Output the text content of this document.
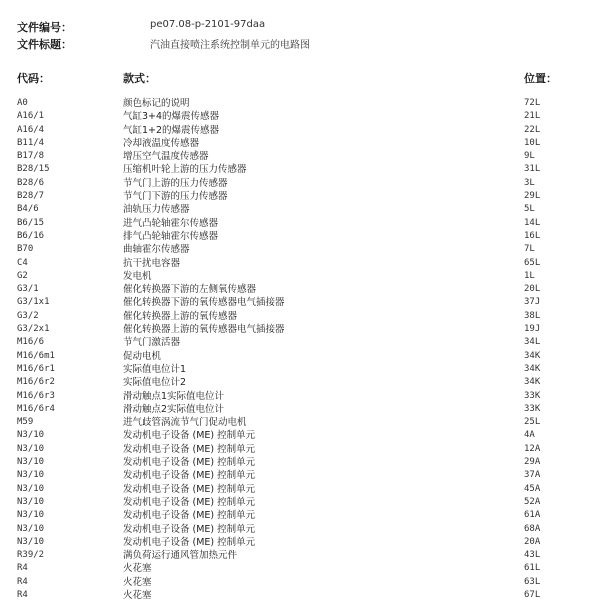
文件编号：	pe07.08-p-2101-97daa
文件标题：	汽油直接喷注系统控制单元的电路图
代码：	款式：	位置：
A0	颜色标记的说明	72L
A16/1	气缸3+4的爆震传感器	21L
A16/4	气缸1+2的爆震传感器	22L
B11/4	冷却液温度传感器	10L
B17/8	增压空气温度传感器	9L
B28/15	压缩机叶轮上游的压力传感器	31L
B28/6	节气门上游的压力传感器	3L
B28/7	节气门下游的压力传感器	29L
B4/6	油轨压力传感器	5L
B6/15	进气凸轮轴霍尔传感器	14L
B6/16	排气凸轮轴霍尔传感器	16L
B70	曲轴霍尔传感器	7L
C4	抗干扰电容器	65L
G2	发电机	1L
G3/1	催化转换器下游的左侧氧传感器	20L
G3/1x1	催化转换器下游的氧传感器电气插接器	37J
G3/2	催化转换器上游的氧传感器	38L
G3/2x1	催化转换器上游的氧传感器电气插接器	19J
M16/6	节气门激活器	34L
M16/6m1	促动电机	34K
M16/6r1	实际值电位计1	34K
M16/6r2	实际值电位计2	34K
M16/6r3	滑动触点1实际值电位计	33K
M16/6r4	滑动触点2实际值电位计	33K
M59	进气歧管涡流节气门促动电机	25L
N3/10	发动机电子设备 (ME) 控制单元	4A
N3/10	发动机电子设备 (ME) 控制单元	12A
N3/10	发动机电子设备 (ME) 控制单元	29A
N3/10	发动机电子设备 (ME) 控制单元	37A
N3/10	发动机电子设备 (ME) 控制单元	45A
N3/10	发动机电子设备 (ME) 控制单元	52A
N3/10	发动机电子设备 (ME) 控制单元	61A
N3/10	发动机电子设备 (ME) 控制单元	68A
N3/10	发动机电子设备 (ME) 控制单元	20A
R39/2	满负荷运行通风管加热元件	43L
R4	火花塞	61L
R4	火花塞	63L
R4	火花塞	67L
